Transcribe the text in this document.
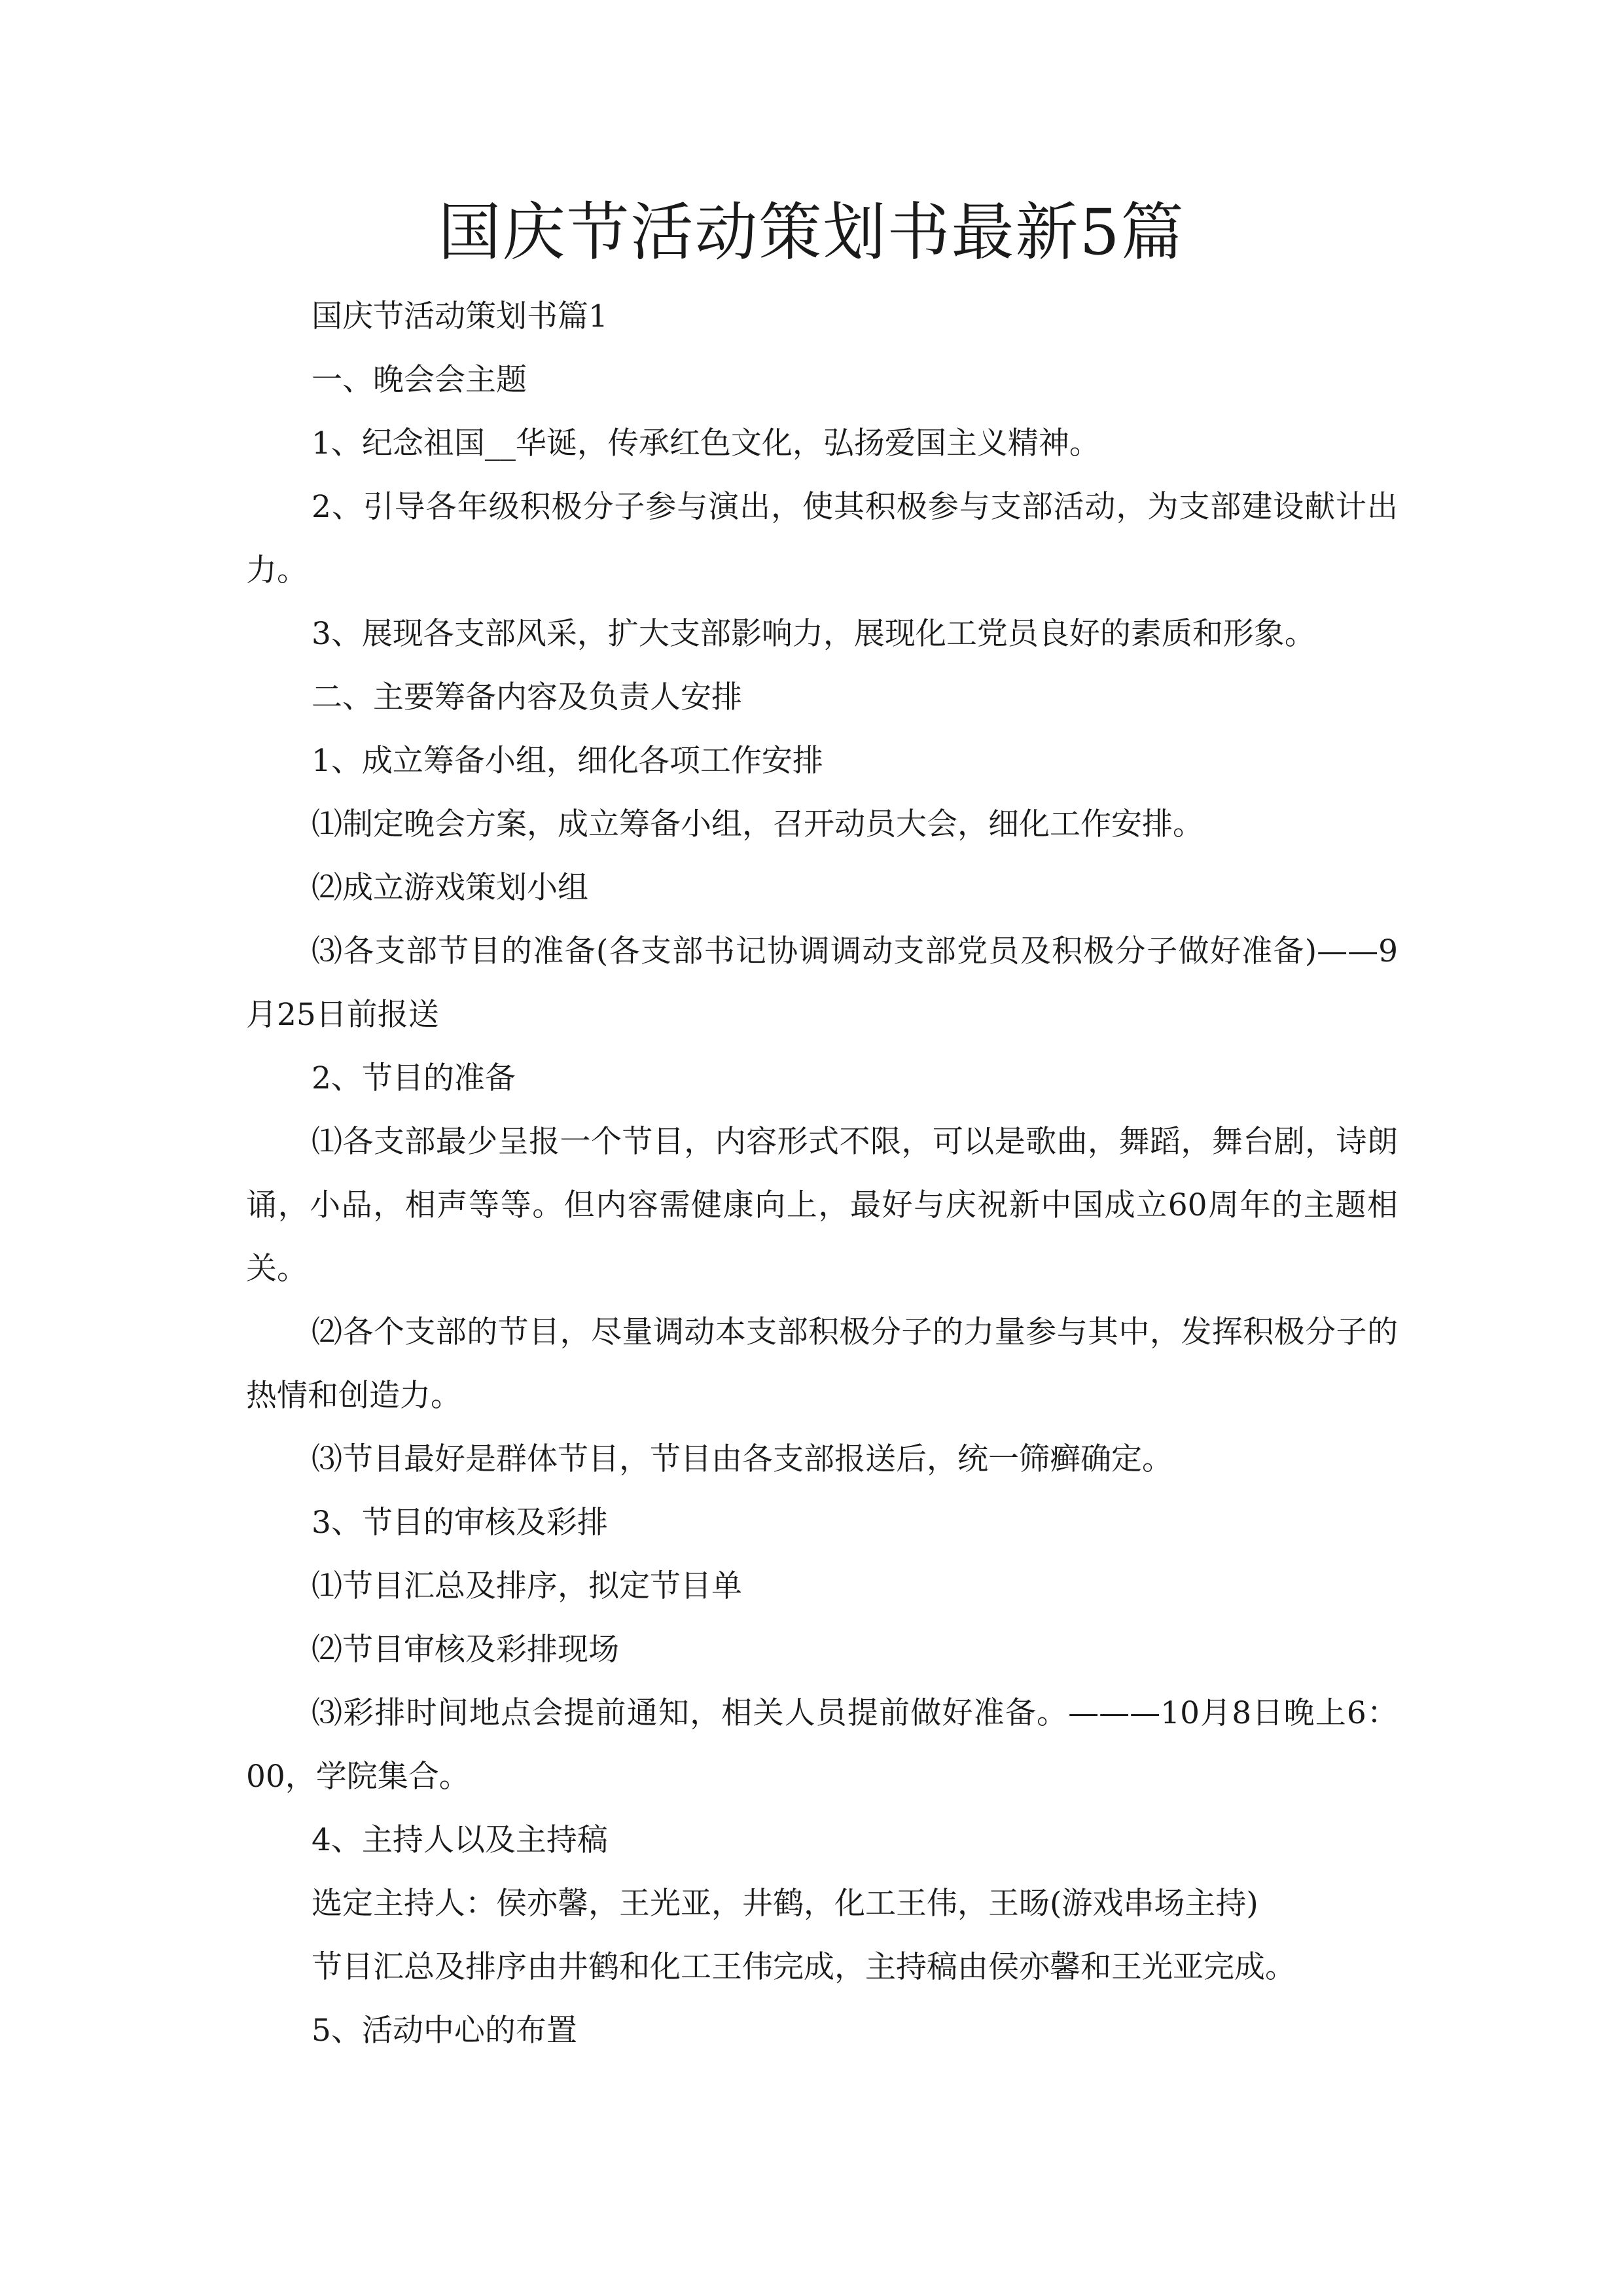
国庆节活动策划书最新5篇

国庆节活动策划书篇1

一、晚会会主题

1、纪念祖国__华诞，传承红色文化，弘扬爱国主义精神。

2、引导各年级积极分子参与演出，使其积极参与支部活动，为支部建设献计出力。

3、展现各支部风采，扩大支部影响力，展现化工党员良好的素质和形象。

二、主要筹备内容及负责人安排

1、成立筹备小组，细化各项工作安排

⑴制定晚会方案，成立筹备小组，召开动员大会，细化工作安排。

⑵成立游戏策划小组

⑶各支部节目的准备(各支部书记协调调动支部党员及积极分子做好准备)——9月25日前报送

2、节目的准备

⑴各支部最少呈报一个节目，内容形式不限，可以是歌曲，舞蹈，舞台剧，诗朗诵，小品，相声等等。但内容需健康向上，最好与庆祝新中国成立60周年的主题相关。

⑵各个支部的节目，尽量调动本支部积极分子的力量参与其中，发挥积极分子的热情和创造力。

⑶节目最好是群体节目，节目由各支部报送后，统一筛癣确定。

3、节目的审核及彩排

⑴节目汇总及排序，拟定节目单

⑵节目审核及彩排现场

⑶彩排时间地点会提前通知，相关人员提前做好准备。———10月8日晚上6：00，学院集合。

4、主持人以及主持稿

选定主持人：侯亦馨，王光亚，井鹤，化工王伟，王旸(游戏串场主持)

节目汇总及排序由井鹤和化工王伟完成，主持稿由侯亦馨和王光亚完成。

5、活动中心的布置
